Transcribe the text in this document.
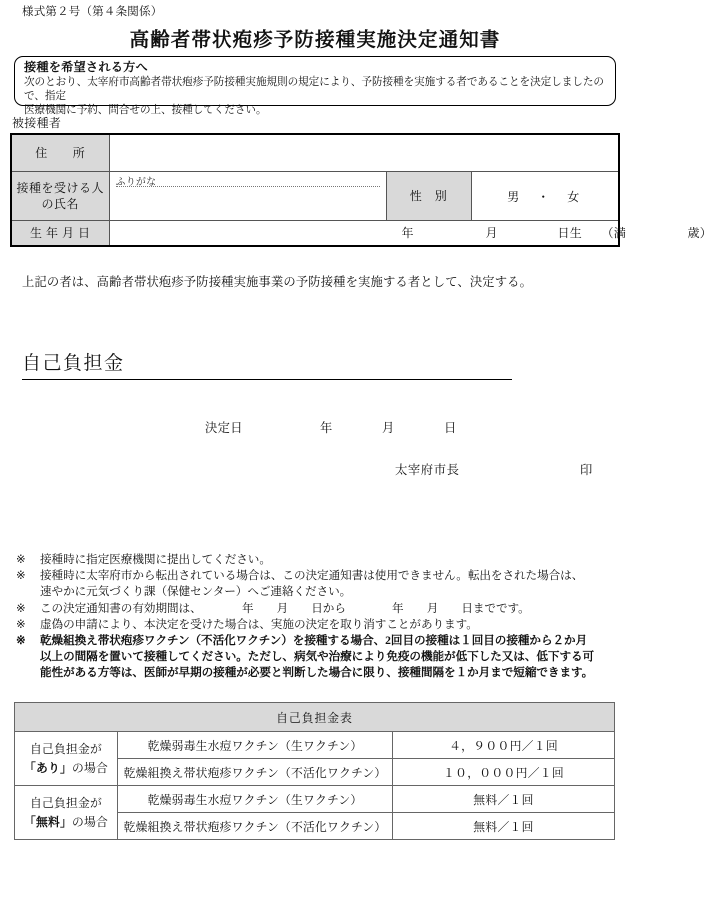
様式第２号（第４条関係）
高齢者帯状疱疹予防接種実施決定通知書
接種を希望される方へ
次のとおり、太宰府市高齢者帯状疱疹予防接種実施規則の規定により、予防接種を実施する者であることを決定しましたので、指定
医療機関に予約、問合せの上、接種してください。
被接種者
住　　所			

接種を受ける人
の氏名	ふりがな	性　別	男　・　女
生 年 月 日	年 月 日生 （満 歳）		
上記の者は、高齢者帯状疱疹予防接種実施事業の予防接種を実施する者として、決定する。
自己負担金
決定日	年	月	日
太宰府市長	印
※	接種時に指定医療機関に提出してください。
※	接種時に太宰府市から転出されている場合は、この決定通知書は使用できません。転出をされた場合は、
速やかに元気づくり課（保健センター）へご連絡ください。
※	この決定通知書の有効期間は、　　　　年　　月　　日から　　　　年　　月　　日までです。
※	虚偽の申請により、本決定を受けた場合は、実施の決定を取り消すことがあります。
※	乾燥組換え帯状疱疹ワクチン（不活化ワクチン）を接種する場合、2回目の接種は１回目の接種から２か月
以上の間隔を置いて接種してください。ただし、病気や治療により免疫の機能が低下した又は、低下する可
能性がある方等は、医師が早期の接種が必要と判断した場合に限り、接種間隔を１か月まで短縮できます。
自己負担金表		

自己負担金が
「あり」の場合	乾燥弱毒生水痘ワクチン（生ワクチン）	４，９００円／１回
	乾燥組換え帯状疱疹ワクチン（不活化ワクチン）	１０，０００円／１回

自己負担金が
「無料」の場合	乾燥弱毒生水痘ワクチン（生ワクチン）	無料／１回
	乾燥組換え帯状疱疹ワクチン（不活化ワクチン）	無料／１回
